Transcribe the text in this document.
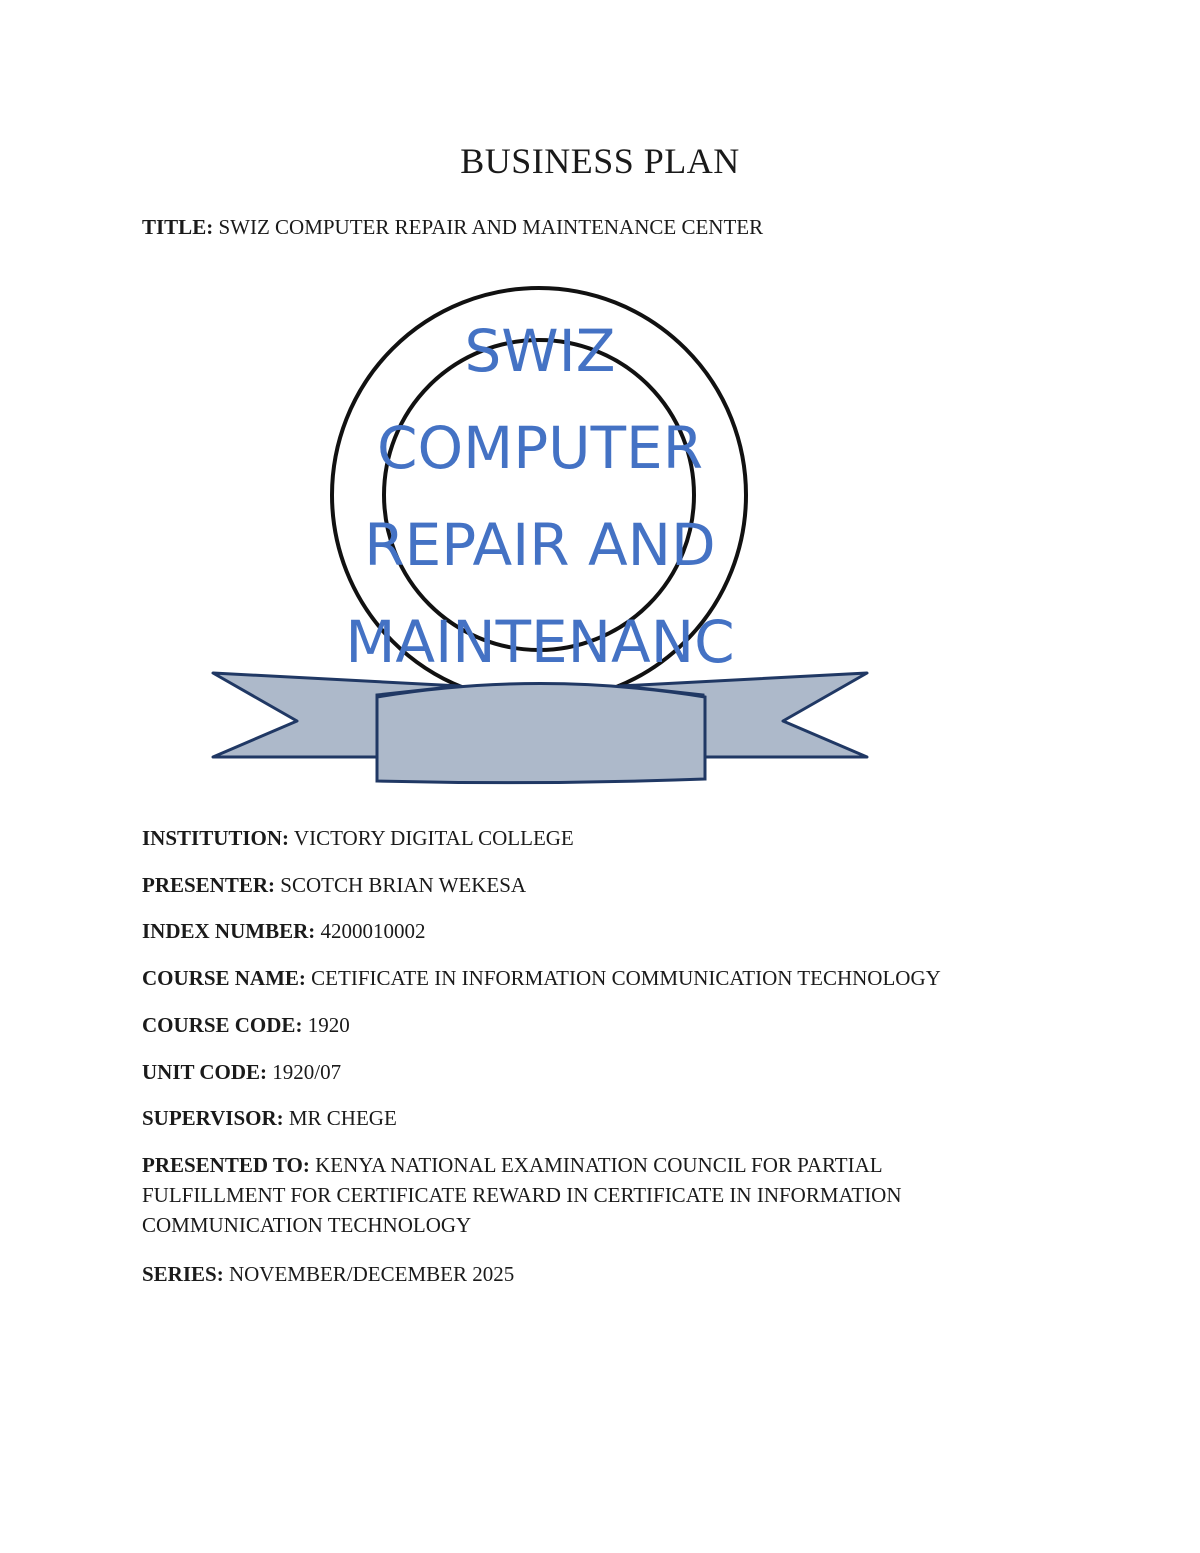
BUSINESS PLAN
TITLE: SWIZ COMPUTER REPAIR AND MAINTENANCE CENTER
SWIZ
COMPUTER
REPAIR AND
MAINTENANC
INSTITUTION: VICTORY DIGITAL COLLEGE
PRESENTER: SCOTCH BRIAN WEKESA
INDEX NUMBER: 4200010002
COURSE NAME: CETIFICATE IN INFORMATION COMMUNICATION TECHNOLOGY
COURSE CODE: 1920
UNIT CODE: 1920/07
SUPERVISOR: MR CHEGE
PRESENTED TO: KENYA NATIONAL EXAMINATION COUNCIL FOR PARTIAL FULFILLMENT FOR CERTIFICATE REWARD IN CERTIFICATE IN INFORMATION COMMUNICATION TECHNOLOGY
SERIES: NOVEMBER/DECEMBER 2025
